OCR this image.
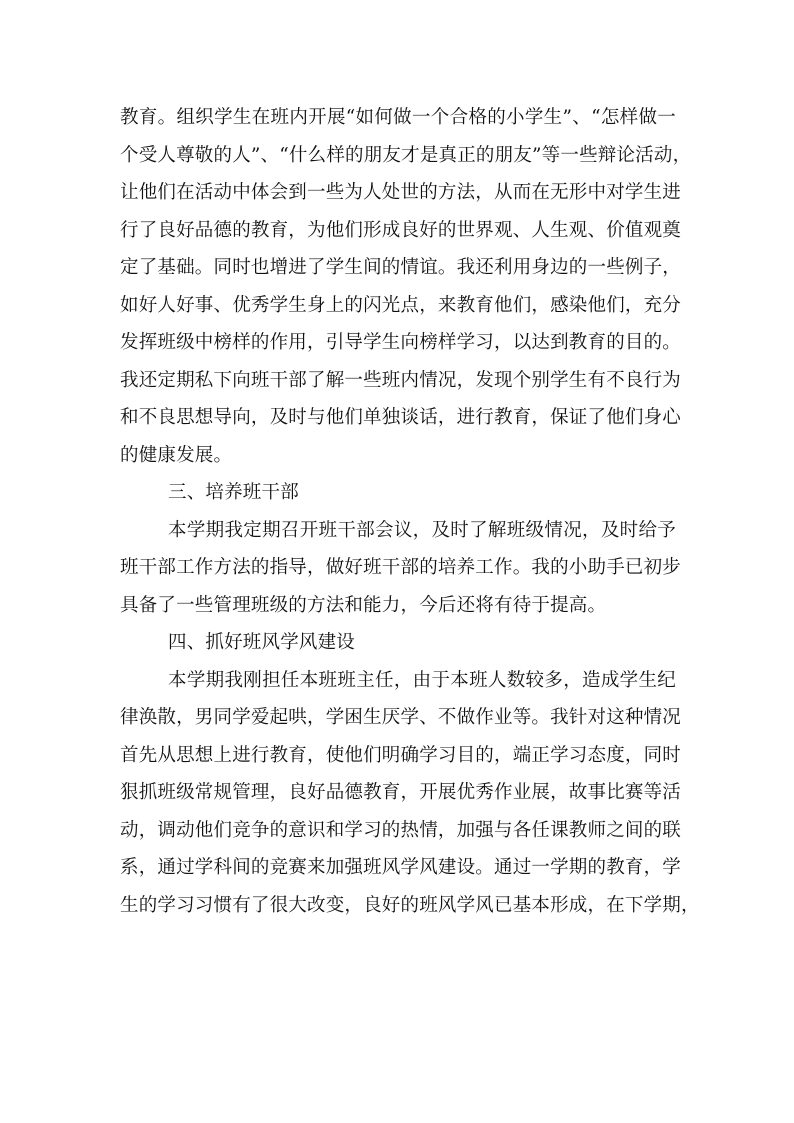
教育。组织学生在班内开展“如何做一个合格的小学生”、“怎样做一
个受人尊敬的人”、“什么样的朋友才是真正的朋友”等一些辩论活动，
让他们在活动中体会到一些为人处世的方法，从而在无形中对学生进
行了良好品德的教育，为他们形成良好的世界观、人生观、价值观奠
定了基础。同时也增进了学生间的情谊。我还利用身边的一些例子，
如好人好事、优秀学生身上的闪光点，来教育他们，感染他们，充分
发挥班级中榜样的作用，引导学生向榜样学习，以达到教育的目的。
我还定期私下向班干部了解一些班内情况，发现个别学生有不良行为
和不良思想导向，及时与他们单独谈话，进行教育，保证了他们身心
的健康发展。
三、培养班干部
本学期我定期召开班干部会议，及时了解班级情况，及时给予
班干部工作方法的指导，做好班干部的培养工作。我的小助手已初步
具备了一些管理班级的方法和能力，今后还将有待于提高。
四、抓好班风学风建设
本学期我刚担任本班班主任，由于本班人数较多，造成学生纪
律涣散，男同学爱起哄，学困生厌学、不做作业等。我针对这种情况
首先从思想上进行教育，使他们明确学习目的，端正学习态度，同时
狠抓班级常规管理，良好品德教育，开展优秀作业展，故事比赛等活
动，调动他们竞争的意识和学习的热情，加强与各任课教师之间的联
系，通过学科间的竞赛来加强班风学风建设。通过一学期的教育，学
生的学习习惯有了很大改变，良好的班风学风已基本形成，在下学期，
